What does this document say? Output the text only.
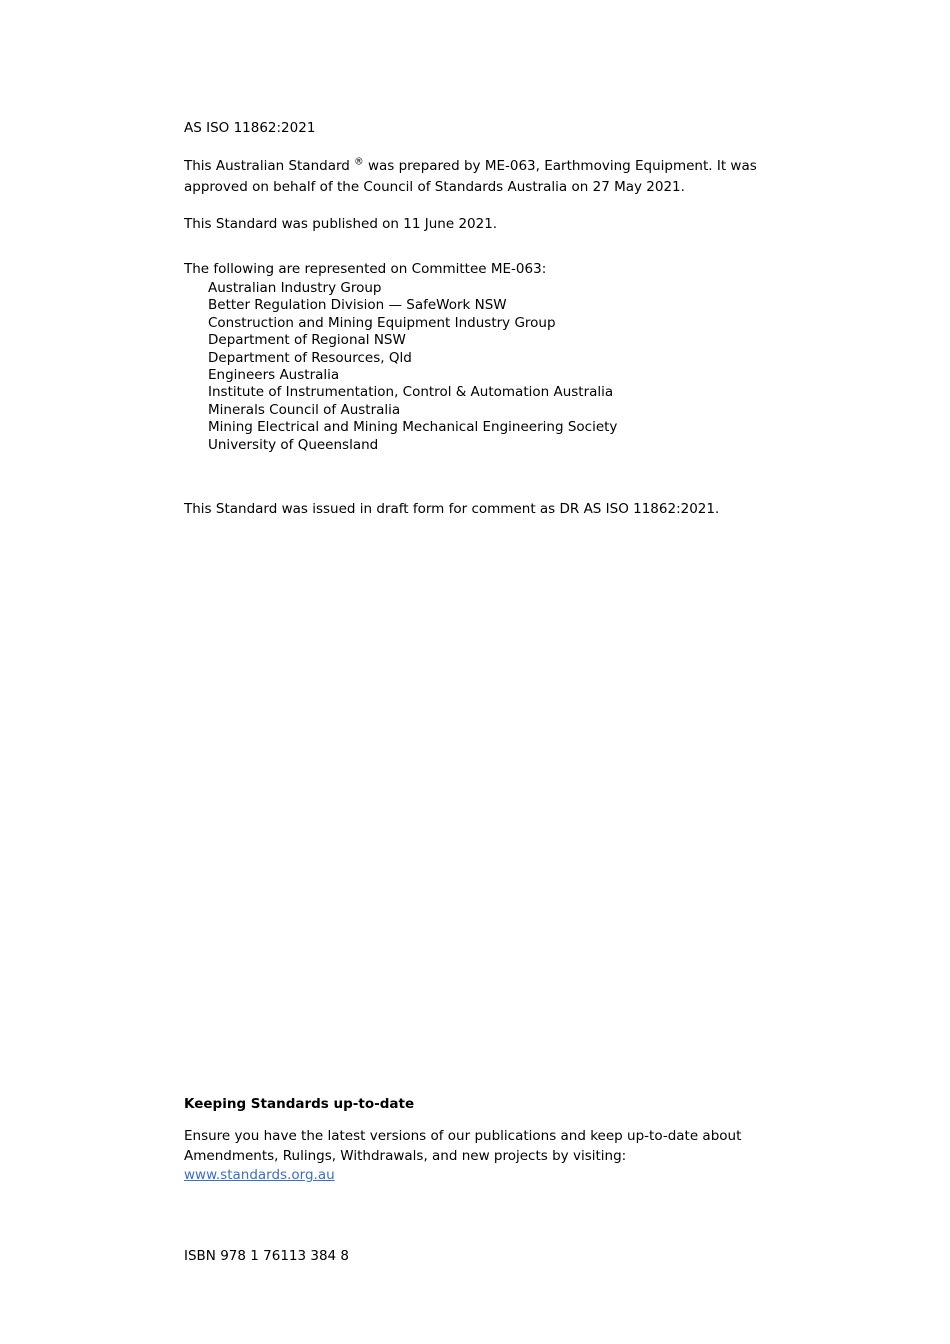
AS ISO 11862:2021

This Australian Standard ® was prepared by ME-063, Earthmoving Equipment. It was approved on behalf of the Council of Standards Australia on 27 May 2021.

This Standard was published on 11 June 2021.

The following are represented on Committee ME-063:

Australian Industry Group
Better Regulation Division — SafeWork NSW
Construction and Mining Equipment Industry Group
Department of Regional NSW
Department of Resources, Qld
Engineers Australia
Institute of Instrumentation, Control & Automation Australia
Minerals Council of Australia
Mining Electrical and Mining Mechanical Engineering Society
University of Queensland

This Standard was issued in draft form for comment as DR AS ISO 11862:2021.

Keeping Standards up-to-date

Ensure you have the latest versions of our publications and keep up-to-date about Amendments, Rulings, Withdrawals, and new projects by visiting:
www.standards.org.au

ISBN 978 1 76113 384 8
